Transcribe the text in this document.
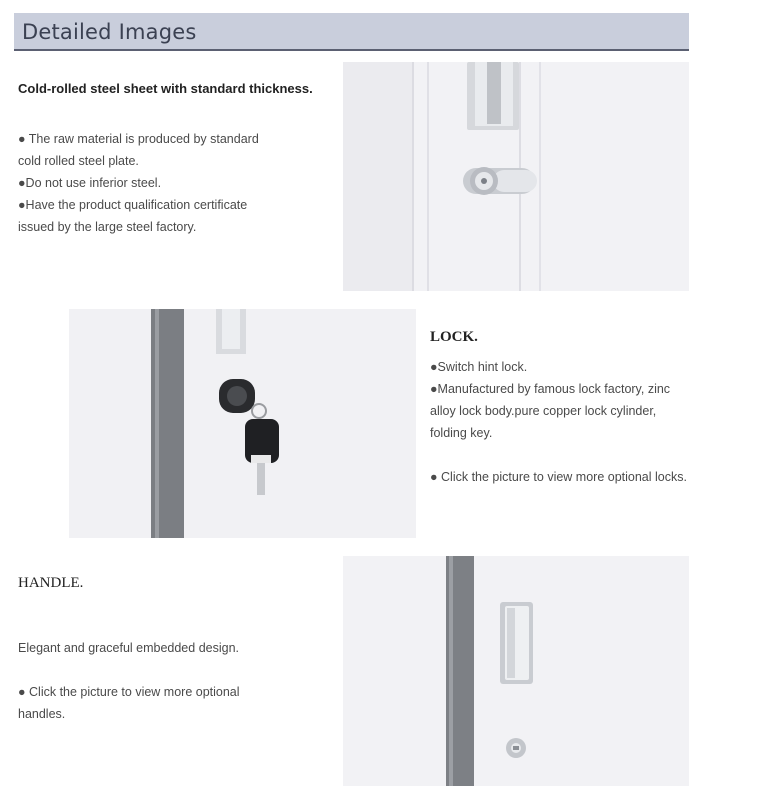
Detailed Images

Cold-rolled steel sheet with standard thickness.

● The raw material is produced by standard

cold rolled steel plate.

●Do not use inferior steel.

●Have the product qualification certificate

issued by the large steel factory.

LOCK.

●Switch hint lock.

●Manufactured by famous lock factory, zinc

alloy lock body.pure copper lock cylinder,

folding key.

● Click the picture to view more optional locks.

HANDLE.

Elegant and graceful embedded design.

● Click the picture to view more optional

handles.
